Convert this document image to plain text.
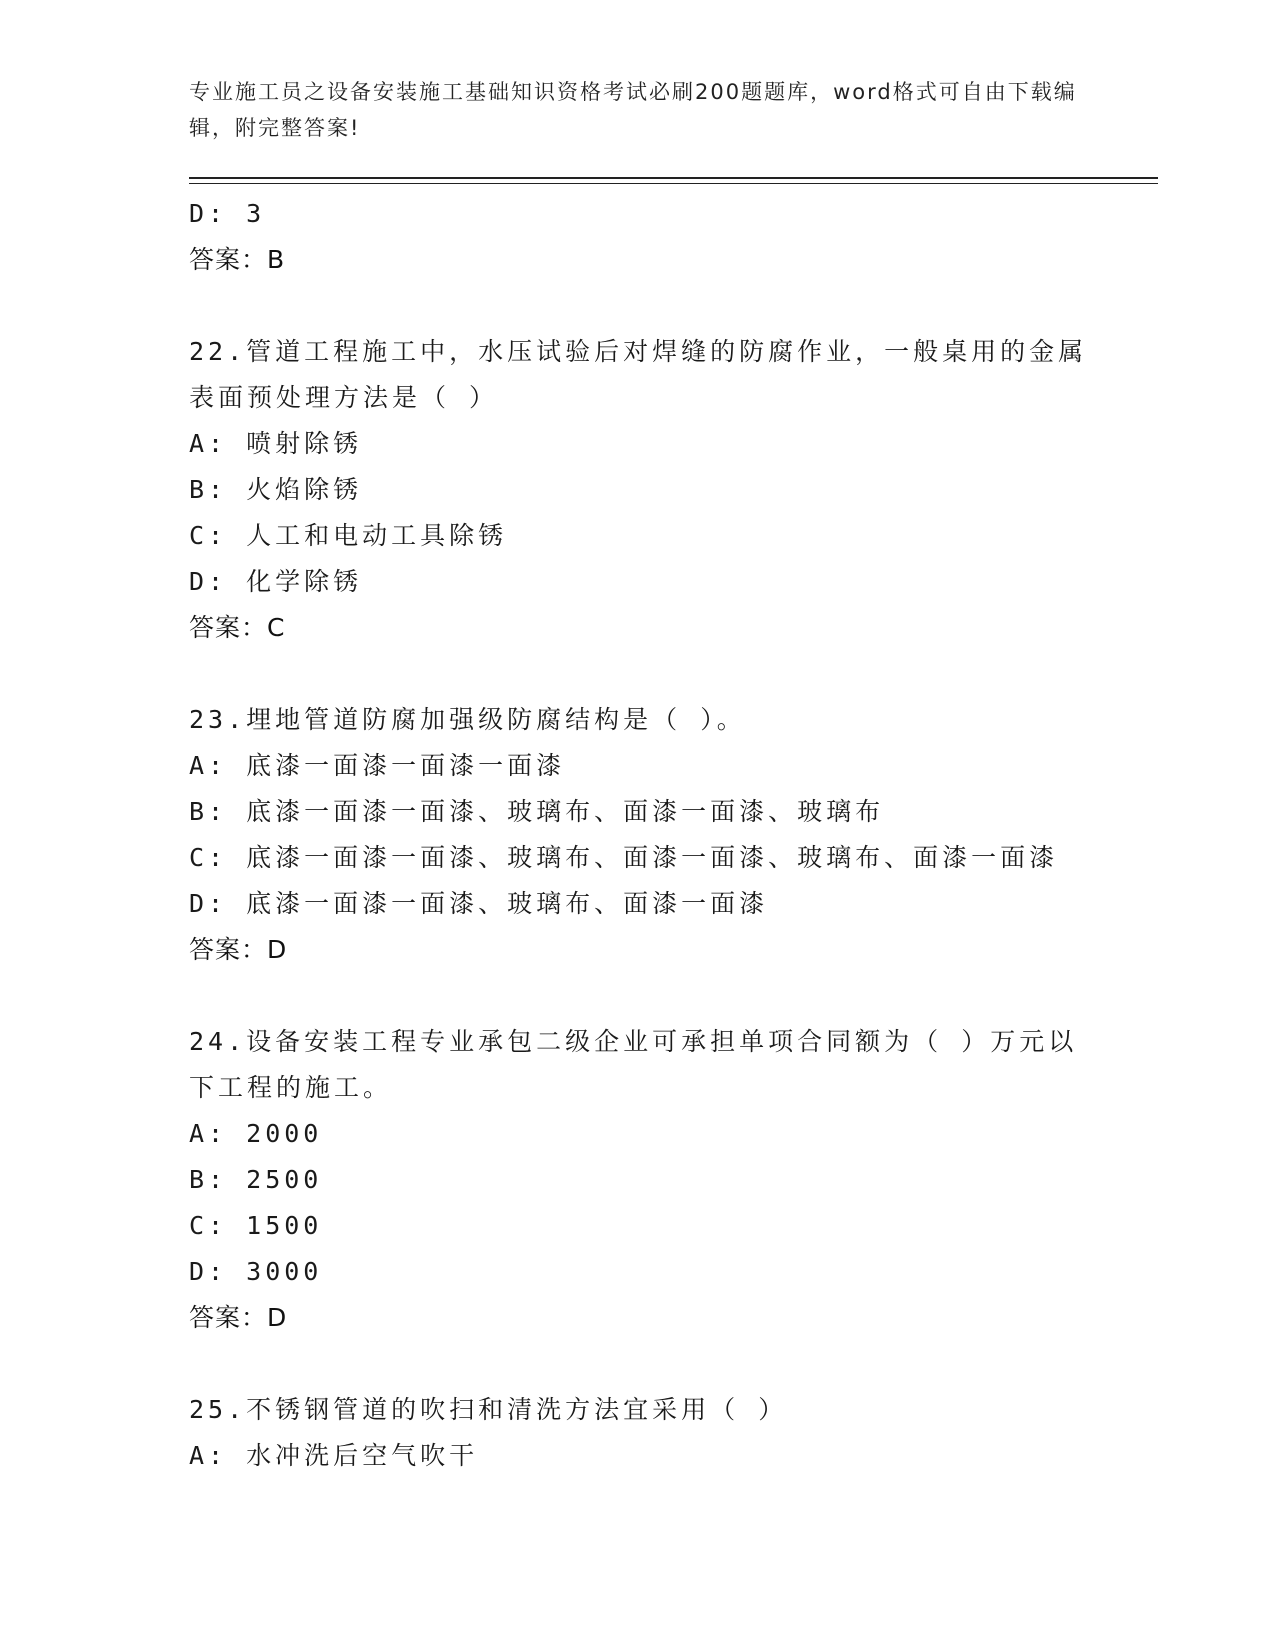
专业施工员之设备安装施工基础知识资格考试必刷200题题库，word格式可自由下载编辑，附完整答案!
D: 3
答案：B
22.管道工程施工中，水压试验后对焊缝的防腐作业，一般桌用的金属表面预处理方法是（ ）
A: 喷射除锈
B: 火焰除锈
C: 人工和电动工具除锈
D: 化学除锈
答案：C
23.埋地管道防腐加强级防腐结构是（ ）。
A: 底漆一面漆一面漆一面漆
B: 底漆一面漆一面漆、玻璃布、面漆一面漆、玻璃布
C: 底漆一面漆一面漆、玻璃布、面漆一面漆、玻璃布、面漆一面漆
D: 底漆一面漆一面漆、玻璃布、面漆一面漆
答案：D
24.设备安装工程专业承包二级企业可承担单项合同额为（ ）万元以下工程的施工。
A: 2000
B: 2500
C: 1500
D: 3000
答案：D
25.不锈钢管道的吹扫和清洗方法宜采用（ ）
A: 水冲洗后空气吹干
